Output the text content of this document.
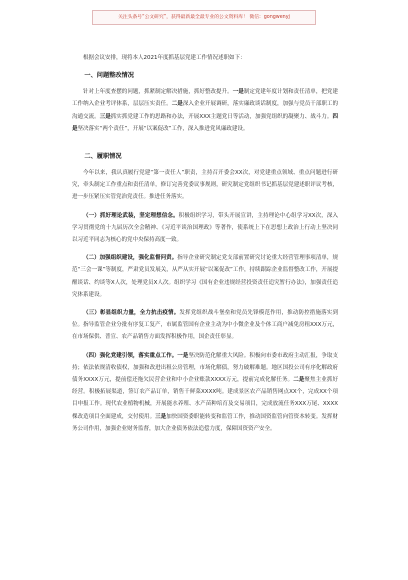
关注头条号“公文研究”，获得最新最全最专业的公文资料库！ 微信：gongwenyj

根据会议安排，现将本人2021年度抓基层党建工作情况述职如下：

一、问题整改情况

针对上年度查摆的问题，抓紧制定解决措施，抓好整改提升。一是制定党建年度计划和责任清单，把党建工作纳入企业考评体系，层层压实责任。二是深入企业开展调研，落实廉政谈话制度，加强与党员干部职工的沟通交流。三是抓实抓党建工作的思路和办法，开展XXX主题党日等活动，加强党组织的凝聚力、战斗力。四是坚决落实“两个责任”，开展“以案促改”工作，深入推进党风廉政建设。

二、履职情况

今年以来，我认真履行党建“第一责任人”职责，主持召开委会XX次，对党建重点领域、重点问题进行研究，牵头制定工作重点和责任清单，修订完善党委议事规则，研究制定党组织书记抓基层党建述职评议考核，进一步压紧压实管党治党责任。推进任务落实。

（一）抓好理论武装，坚定理想信念。积极组织学习，带头开展宣讲，主持理论中心组学习XX次，深入学习贯彻党的十九届历次全会精神、《习近平谈治国理政》等著作，使系统上下在思想上政治上行动上坚决同以习近平同志为核心的党中央保持高度一致。

（二）加强组织建设，强化监督问责。指导企业研究制定党支部前置研究讨论重大经营管理事项清单，规范“三会一课”等制度，严肃党员发展关，从严从实开展“以案促改”工作，持续跟踪企业监督整改工作，开展提醒谈话、约谈等X人次，处理党员X人次。组织学习《国有企业违规经营投资责任追究暂行办法》，加强责任追究体系建设。

（三）彰显组织力量，全力抗击疫情。发挥党组织战斗堡垒和党员先锋模范作用，推动防控措施落实到位。指导监管企业分批有序复工复产，市属监管国有企业主动为中小微企业及个体工商户减免房租XXX万元，在市场保供、普宣、农产品销售方面发挥积极作用，国企责任彰显。

（四）强化党建引领，落实重点工作。一是坚决防范化解重大风险。积极向市委市政府主动汇报，争取支持；依法依规清收债权，加强和改进出租公房管理，市场化解债，努力破解难题。地区国投公司有序化解政府债务XXXX万元，提前偿还拖欠民营企业和中小企业账款XXXX万元，提前完成化解任务。二是聚焦主业抓好经营。积极拓展渠道，签订农产品订单，销售千鲜菜XXXX吨。建成景区农产品销售网点XX个，完成XX个项目申报工作。现代农业植物机械，开展能水养殖、水产苗种培育及交易项目，完成放流任务XXX万尾、XXXX棵改造项目全面建成，交付使用。三是加快国资委职能转变和监管工作，推动国资监管向管资本转变。发挥财务公司作用，加强企业财务监督，加大企业债务依法追偿力度，保障国资资产安全。
